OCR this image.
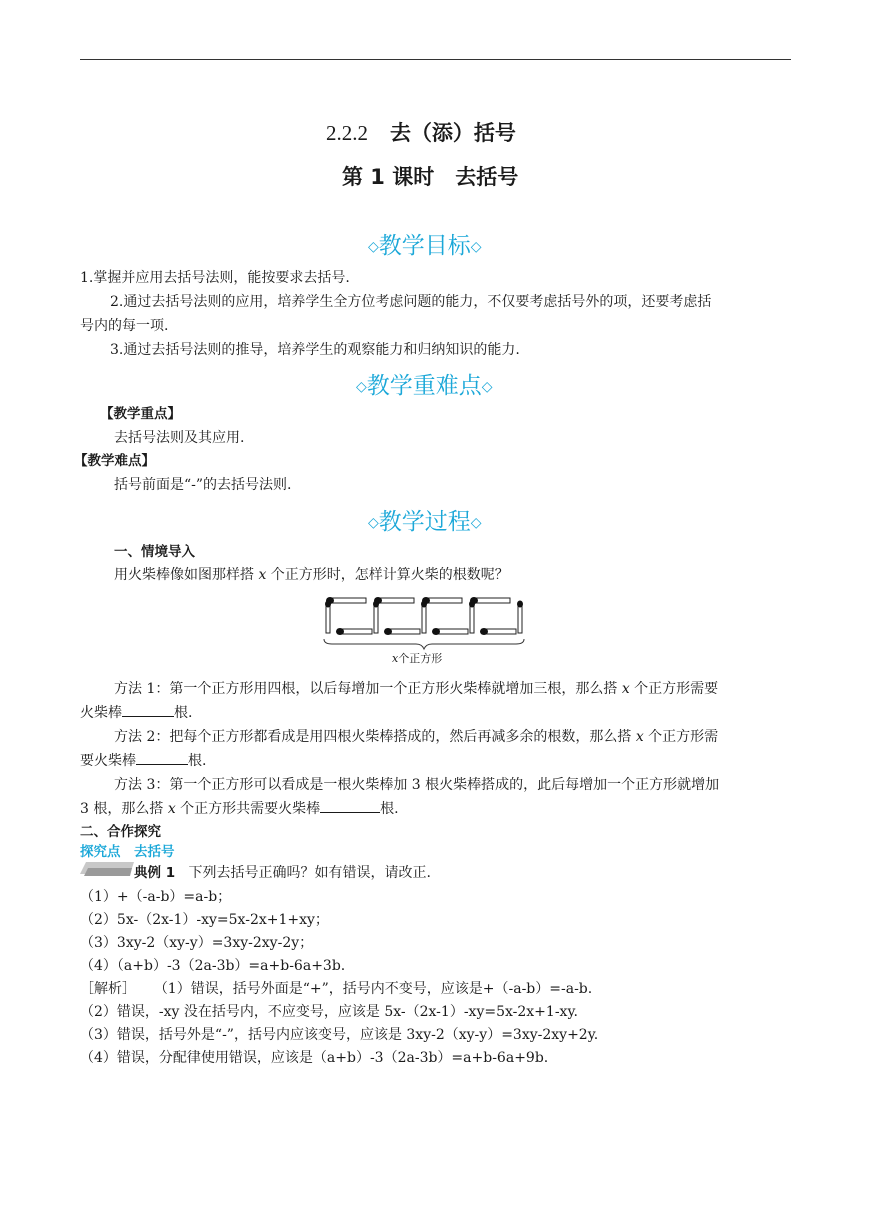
2.2.2 去（添）括号
第 1 课时　去括号
◇教学目标◇
1.掌握并应用去括号法则，能按要求去括号.
2.通过去括号法则的应用，培养学生全方位考虑问题的能力，不仅要考虑括号外的项，还要考虑括
号内的每一项.
3.通过去括号法则的推导，培养学生的观察能力和归纳知识的能力.
◇教学重难点◇
【教学重点】
去括号法则及其应用.
【教学难点】
括号前面是“-”的去括号法则.
◇教学过程◇
一、情境导入
用火柴棒像如图那样搭 x 个正方形时，怎样计算火柴的根数呢？
x个正方形
方法 1：第一个正方形用四根，以后每增加一个正方形火柴棒就增加三根，那么搭 x 个正方形需要
火柴棒	根.
方法 2：把每个正方形都看成是用四根火柴棒搭成的，然后再减多余的根数，那么搭 x 个正方形需
要火柴棒	根.
方法 3：第一个正方形可以看成是一根火柴棒加 3 根火柴棒搭成的，此后每增加一个正方形就增加
3 根，那么搭 x 个正方形共需要火柴棒	根.
二、合作探究
探究点　去括号
典例 1 下列去括号正确吗？如有错误，请改正.
（1）+（-a-b）=a-b；
（2）5x-（2x-1）-xy=5x-2x+1+xy；
（3）3xy-2（xy-y）=3xy-2xy-2y；
（4）（a+b）-3（2a-3b）=a+b-6a+3b.
［解析］ （1）错误，括号外面是“+”，括号内不变号，应该是+（-a-b）=-a-b.
（2）错误，-xy 没在括号内，不应变号，应该是 5x-（2x-1）-xy=5x-2x+1-xy.
（3）错误，括号外是“-”，括号内应该变号，应该是 3xy-2（xy-y）=3xy-2xy+2y.
（4）错误，分配律使用错误，应该是（a+b）-3（2a-3b）=a+b-6a+9b.
